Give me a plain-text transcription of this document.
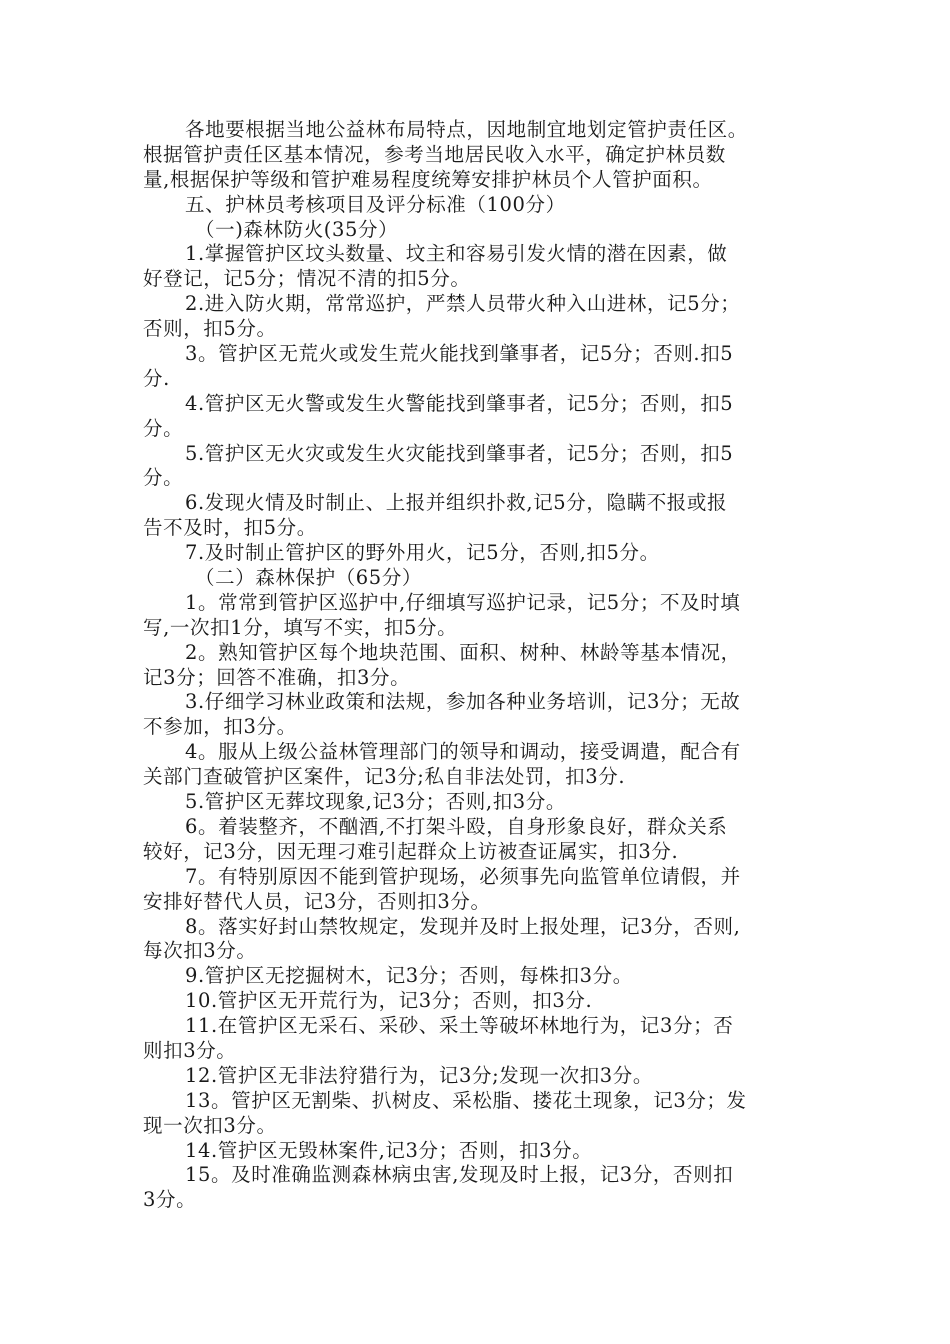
各地要根据当地公益林布局特点，因地制宜地划定管护责任区。
根据管护责任区基本情况，参考当地居民收入水平，确定护林员数
量,根据保护等级和管护难易程度统筹安排护林员个人管护面积。
五、护林员考核项目及评分标准（100分）
（一)森林防火(35分）
1.掌握管护区坟头数量、坟主和容易引发火情的潜在因素，做
好登记，记5分；情况不清的扣5分。
2.进入防火期，常常巡护，严禁人员带火种入山进林，记5分；
否则，扣5分。
3。管护区无荒火或发生荒火能找到肇事者，记5分；否则.扣5
分.
4.管护区无火警或发生火警能找到肇事者，记5分；否则，扣5
分。
5.管护区无火灾或发生火灾能找到肇事者，记5分；否则，扣5
分。
6.发现火情及时制止、上报并组织扑救,记5分，隐瞒不报或报
告不及时，扣5分。
7.及时制止管护区的野外用火，记5分，否则,扣5分。
（二）森林保护（65分）
1。常常到管护区巡护中,仔细填写巡护记录，记5分；不及时填
写,一次扣1分，填写不实，扣5分。
2。熟知管护区每个地块范围、面积、树种、林龄等基本情况，
记3分；回答不准确，扣3分。
3.仔细学习林业政策和法规，参加各种业务培训，记3分；无故
不参加，扣3分。
4。服从上级公益林管理部门的领导和调动，接受调遣，配合有
关部门查破管护区案件，记3分;私自非法处罚，扣3分.
5.管护区无葬坟现象,记3分；否则,扣3分。
6。着装整齐，不酗酒,不打架斗殴，自身形象良好，群众关系
较好，记3分，因无理刁难引起群众上访被查证属实，扣3分.
7。有特别原因不能到管护现场，必须事先向监管单位请假，并
安排好替代人员，记3分，否则扣3分。
8。落实好封山禁牧规定，发现并及时上报处理，记3分，否则,
每次扣3分。
9.管护区无挖掘树木，记3分；否则，每株扣3分。
10.管护区无开荒行为，记3分；否则，扣3分.
11.在管护区无采石、采砂、采土等破坏林地行为，记3分；否
则扣3分。
12.管护区无非法狩猎行为，记3分;发现一次扣3分。
13。管护区无割柴、扒树皮、采松脂、搂花土现象，记3分；发
现一次扣3分。
14.管护区无毁林案件,记3分；否则，扣3分。
15。及时准确监测森林病虫害,发现及时上报，记3分，否则扣
3分。
